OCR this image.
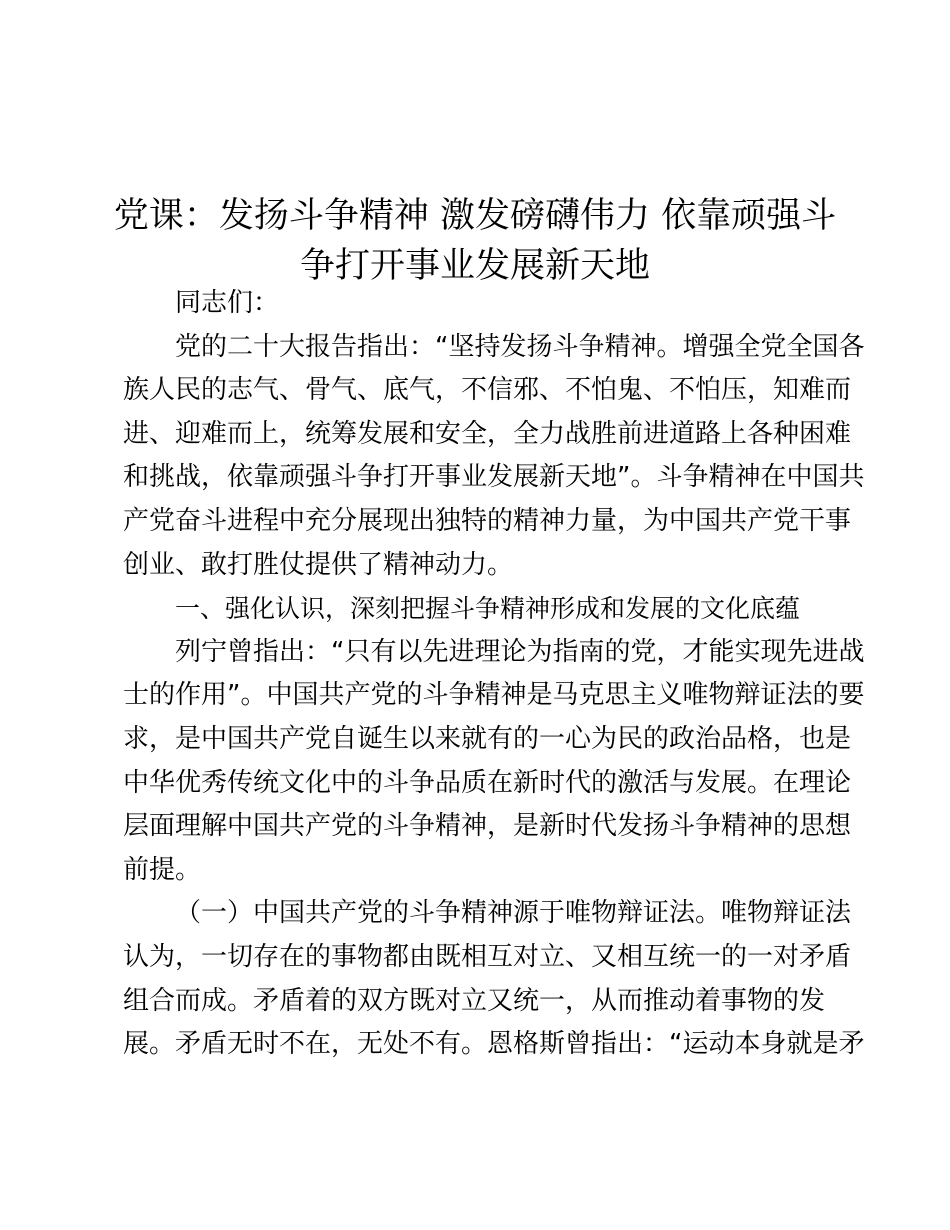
党课：发扬斗争精神 激发磅礴伟力 依靠顽强斗
争打开事业发展新天地

同志们：

党的二十大报告指出：“坚持发扬斗争精神。增强全党全国各
族人民的志气、骨气、底气，不信邪、不怕鬼、不怕压，知难而
进、迎难而上，统筹发展和安全，全力战胜前进道路上各种困难
和挑战，依靠顽强斗争打开事业发展新天地”。斗争精神在中国共
产党奋斗进程中充分展现出独特的精神力量，为中国共产党干事
创业、敢打胜仗提供了精神动力。

一、强化认识，深刻把握斗争精神形成和发展的文化底蕴

列宁曾指出：“只有以先进理论为指南的党，才能实现先进战
士的作用”。中国共产党的斗争精神是马克思主义唯物辩证法的要
求，是中国共产党自诞生以来就有的一心为民的政治品格，也是
中华优秀传统文化中的斗争品质在新时代的激活与发展。在理论
层面理解中国共产党的斗争精神，是新时代发扬斗争精神的思想
前提。

（一）中国共产党的斗争精神源于唯物辩证法。唯物辩证法
认为，一切存在的事物都由既相互对立、又相互统一的一对矛盾
组合而成。矛盾着的双方既对立又统一，从而推动着事物的发
展。矛盾无时不在，无处不有。恩格斯曾指出：“运动本身就是矛
